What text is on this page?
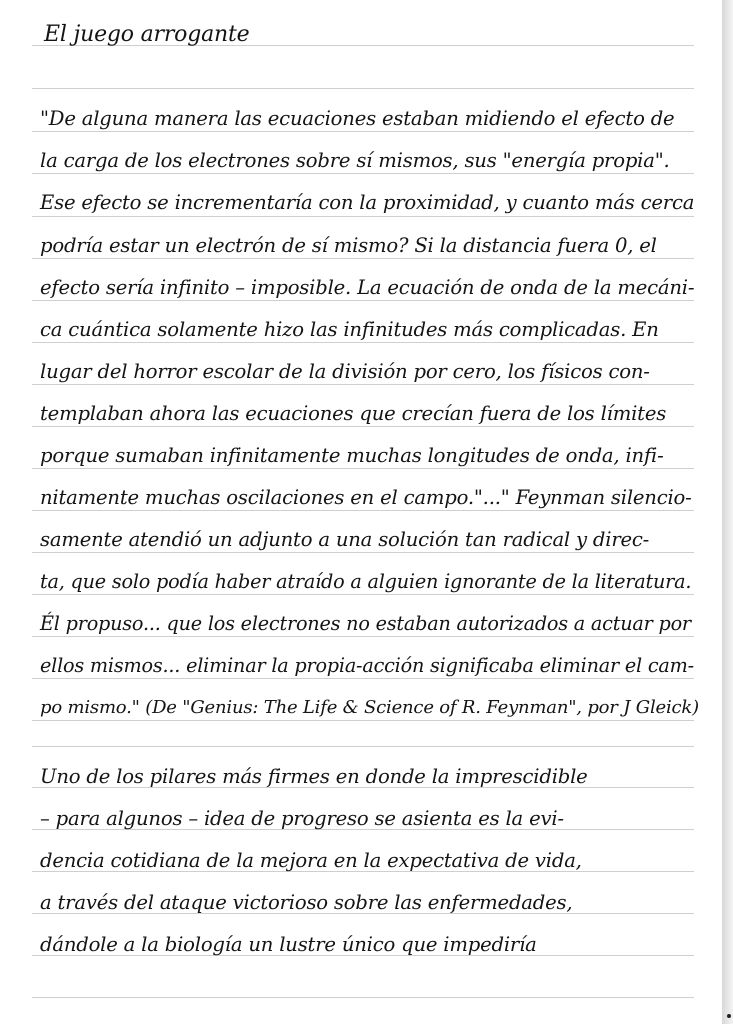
El juego arrogante
"De alguna manera las ecuaciones estaban midiendo el efecto de
la carga de los electrones sobre sí mismos, sus "energía propia".
Ese efecto se incrementaría con la proximidad, y cuanto más cerca
podría estar un electrón de sí mismo? Si la distancia fuera 0, el
efecto sería infinito – imposible. La ecuación de onda de la mecáni-
ca cuántica solamente hizo las infinitudes más complicadas. En
lugar del horror escolar de la división por cero, los físicos con-
templaban ahora las ecuaciones que crecían fuera de los límites
porque sumaban infinitamente muchas longitudes de onda, infi-
nitamente muchas oscilaciones en el campo."..." Feynman silencio-
samente atendió un adjunto a una solución tan radical y direc-
ta, que solo podía haber atraído a alguien ignorante de la literatura.
Él propuso... que los electrones no estaban autorizados a actuar por
ellos mismos... eliminar la propia-acción significaba eliminar el cam-
po mismo." (De "Genius: The Life & Science of R. Feynman", por J Gleick)
Uno de los pilares más firmes en donde la imprescidible
– para algunos – idea de progreso se asienta es la evi-
dencia cotidiana de la mejora en la expectativa de vida,
a través del ataque victorioso sobre las enfermedades,
dándole a la biología un lustre único que impediría
